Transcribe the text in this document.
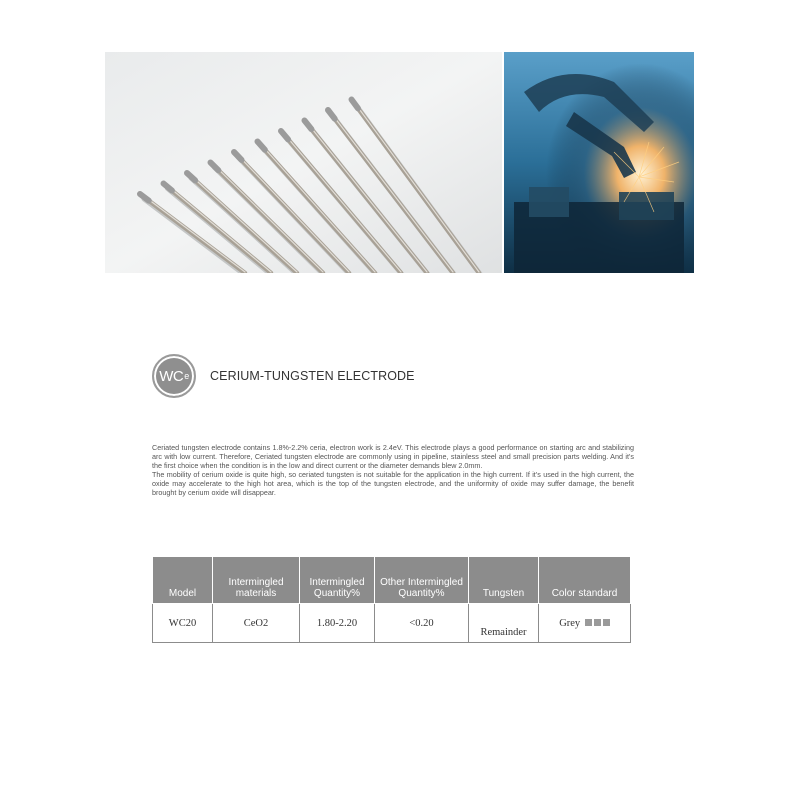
WC e CERIUM-TUNGSTEN ELECTRODE

Ceriated tungsten electrode contains 1.8%-2.2% ceria, electron work is 2.4eV. This electrode plays a good performance on starting arc and stabilizing arc with low current. Therefore, Ceriated tungsten electrode are commonly using in pipeline, stainless steel and small precision parts welding. And it’s the first choice when the condition is in the low and direct current or the diameter demands blew 2.0mm.

The mobility of cerium oxide is quite high, so ceriated tungsten is not suitable for the application in the high current. If it’s used in the high current, the oxide may accelerate to the high hot area, which is the top of the tungsten electrode, and the uniformity of oxide may suffer damage, the benefit brought by cerium oxide will disappear.

Model	Intermingled materials	Intermingled Quantity%	Other Intermingled Quantity%	Tungsten	Color standard
WC20	CeO2	1.80-2.20	<0.20	Remainder	Grey
